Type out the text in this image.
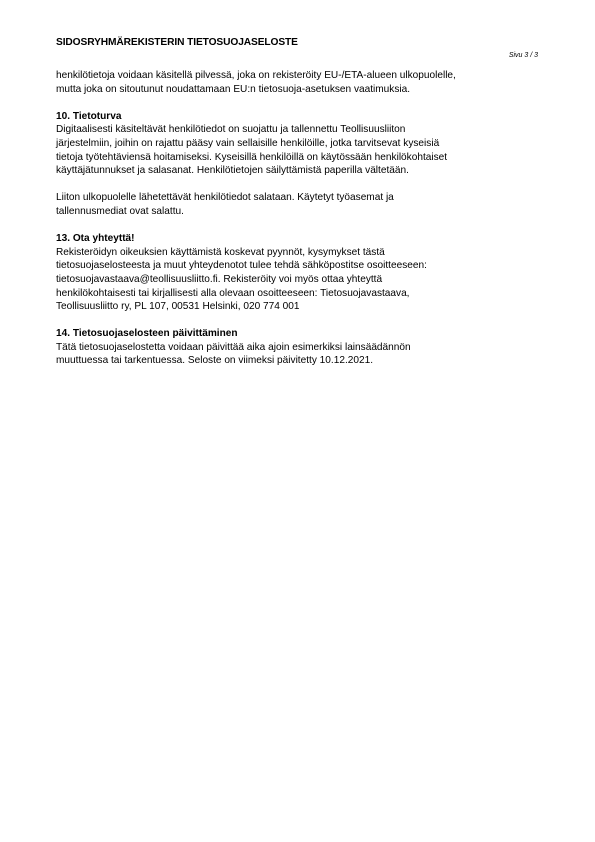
SIDOSRYHMÄREKISTERIN TIETOSUOJASELOSTE
Sivu 3 / 3
henkilötietoja voidaan käsitellä pilvessä, joka on rekisteröity EU-/ETA-alueen ulkopuolelle,
mutta joka on sitoutunut noudattamaan EU:n tietosuoja-asetuksen vaatimuksia.
10. Tietoturva
Digitaalisesti käsiteltävät henkilötiedot on suojattu ja tallennettu Teollisuusliiton
järjestelmiin, joihin on rajattu pääsy vain sellaisille henkilöille, jotka tarvitsevat kyseisiä
tietoja työtehtäviensä hoitamiseksi. Kyseisillä henkilöillä on käytössään henkilökohtaiset
käyttäjätunnukset ja salasanat. Henkilötietojen säilyttämistä paperilla vältetään.
Liiton ulkopuolelle lähetettävät henkilötiedot salataan. Käytetyt työasemat ja
tallennusmediat ovat salattu.
13. Ota yhteyttä!
Rekisteröidyn oikeuksien käyttämistä koskevat pyynnöt, kysymykset tästä
tietosuojaselosteesta ja muut yhteydenotot tulee tehdä sähköpostitse osoitteeseen:
tietosuojavastaava@teollisuusliitto.fi. Rekisteröity voi myös ottaa yhteyttä
henkilökohtaisesti tai kirjallisesti alla olevaan osoitteeseen: Tietosuojavastaava,
Teollisuusliitto ry, PL 107, 00531 Helsinki, 020 774 001
14. Tietosuojaselosteen päivittäminen
Tätä tietosuojaselostetta voidaan päivittää aika ajoin esimerkiksi lainsäädännön
muuttuessa tai tarkentuessa. Seloste on viimeksi päivitetty 10.12.2021.
